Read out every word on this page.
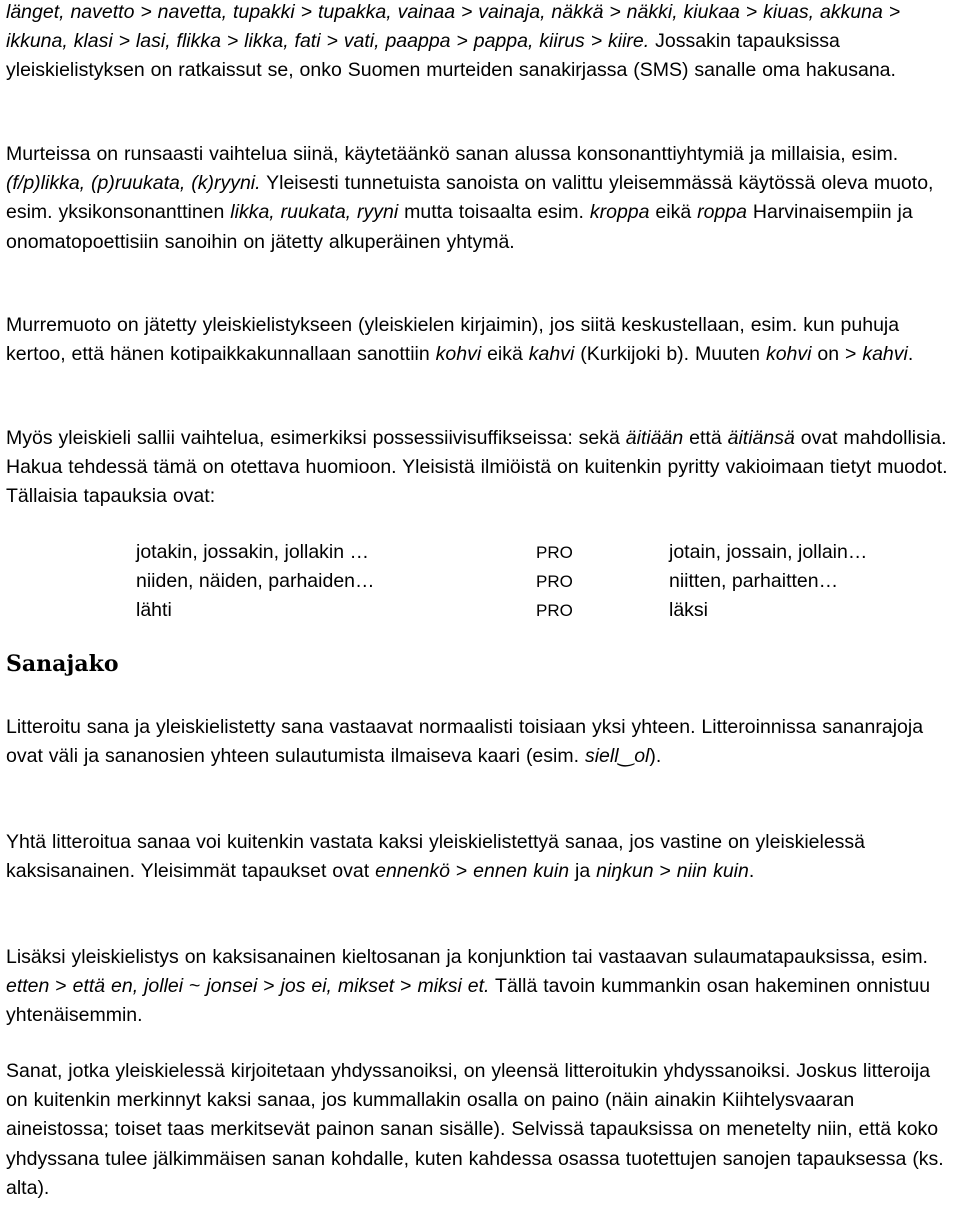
länget, navetto > navetta, tupakki > tupakka, vainaa > vainaja, näkkä > näkki, kiukaa > kiuas, akkuna > ikkuna, klasi > lasi, flikka > likka, fati > vati, paappa > pappa, kiirus > kiire. Jossakin tapauksissa yleiskielistyksen on ratkaissut se, onko Suomen murteiden sanakirjassa (SMS) sanalle oma hakusana.

Murteissa on runsaasti vaihtelua siinä, käytetäänkö sanan alussa konsonanttiyhtymiä ja millaisia, esim. (f/p)likka, (p)ruukata, (k)ryyni. Yleisesti tunnetuista sanoista on valittu yleisemmässä käytössä oleva muoto, esim. yksikonsonanttinen likka, ruukata, ryyni mutta toisaalta esim. kroppa eikä roppa Harvinaisempiin ja onomatopoettisiin sanoihin on jätetty alkuperäinen yhtymä.

Murremuoto on jätetty yleiskielistykseen (yleiskielen kirjaimin), jos siitä keskustellaan, esim. kun puhuja kertoo, että hänen kotipaikkakunnallaan sanottiin kohvi eikä kahvi (Kurkijoki b). Muuten kohvi on > kahvi.

Myös yleiskieli sallii vaihtelua, esimerkiksi possessiivisuffikseissa: sekä äitiään että äitiänsä ovat mahdollisia. Hakua tehdessä tämä on otettava huomioon. Yleisistä ilmiöistä on kuitenkin pyritty vakioimaan tietyt muodot. Tällaisia tapauksia ovat:

jotakin, jossakin, jollakin …	PRO	jotain, jossain, jollain…
niiden, näiden, parhaiden…	PRO	niitten, parhaitten…
lähti	PRO	läksi
Sanajako

Litteroitu sana ja yleiskielistetty sana vastaavat normaalisti toisiaan yksi yhteen. Litteroinnissa sananrajoja ovat väli ja sananosien yhteen sulautumista ilmaiseva kaari (esim. siell‿ol).

Yhtä litteroitua sanaa voi kuitenkin vastata kaksi yleiskielistettyä sanaa, jos vastine on yleiskielessä kaksisanainen. Yleisimmät tapaukset ovat ennenkö > ennen kuin ja niŋkun > niin kuin.

Lisäksi yleiskielistys on kaksisanainen kieltosanan ja konjunktion tai vastaavan sulaumatapauksissa, esim. etten > että en, jollei ~ jonsei > jos ei, mikset > miksi et. Tällä tavoin kummankin osan hakeminen onnistuu yhtenäisemmin.

Sanat, jotka yleiskielessä kirjoitetaan yhdyssanoiksi, on yleensä litteroitukin yhdyssanoiksi. Joskus litteroija on kuitenkin merkinnyt kaksi sanaa, jos kummallakin osalla on paino (näin ainakin Kiihtelysvaaran aineistossa; toiset taas merkitsevät painon sanan sisälle). Selvissä tapauksissa on menetelty niin, että koko yhdyssana tulee jälkimmäisen sanan kohdalle, kuten kahdessa osassa tuotettujen sanojen tapauksessa (ks. alta).
